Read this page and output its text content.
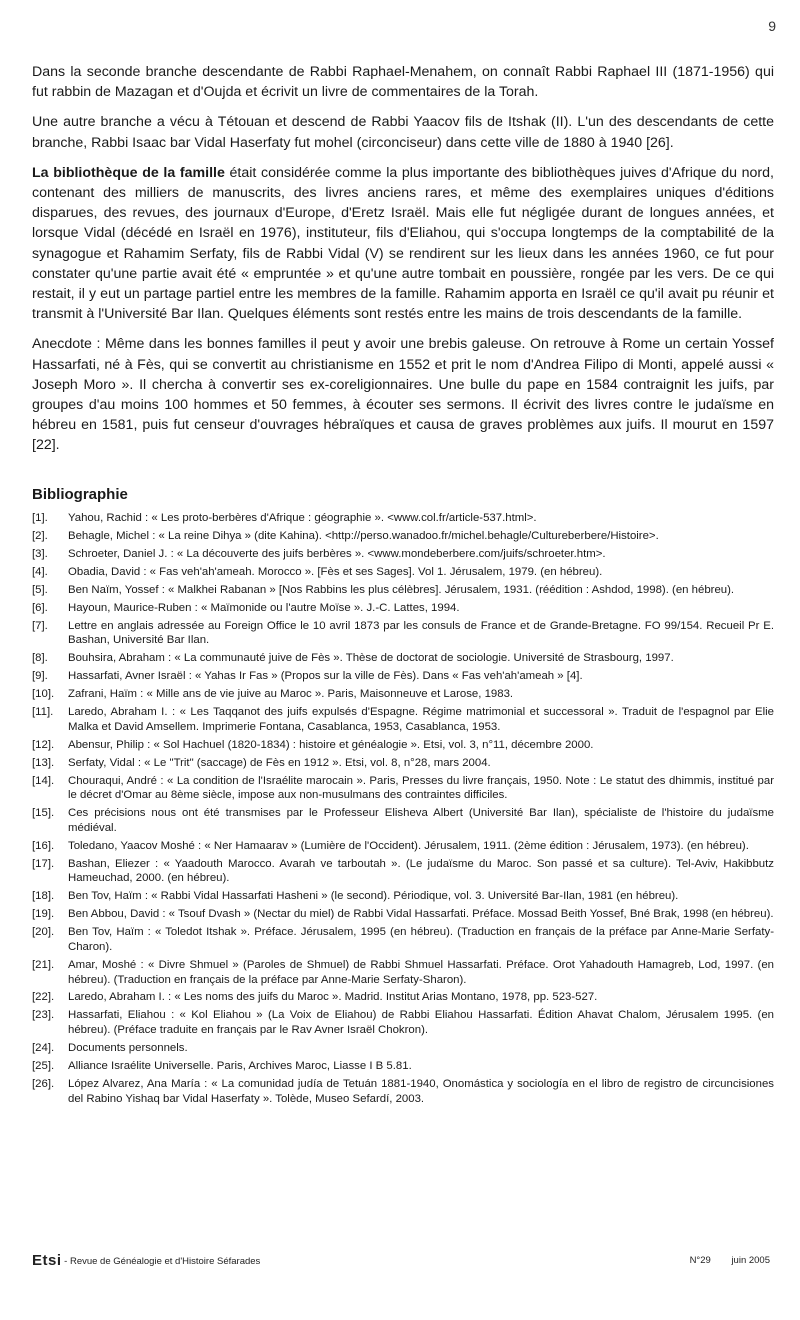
9

Dans la seconde branche descendante de Rabbi Raphael-Menahem, on connaît Rabbi Raphael III (1871-1956) qui fut rabbin de Mazagan et d'Oujda et écrivit un livre de commentaires de la Torah.

Une autre branche a vécu à Tétouan et descend de Rabbi Yaacov fils de Itshak (II). L'un des descendants de cette branche, Rabbi Isaac bar Vidal Haserfaty fut mohel (circonciseur) dans cette ville de 1880 à 1940 [26].

La bibliothèque de la famille était considérée comme la plus importante des bibliothèques juives d'Afrique du nord, contenant des milliers de manuscrits, des livres anciens rares, et même des exemplaires uniques d'éditions disparues, des revues, des journaux d'Europe, d'Eretz Israël. Mais elle fut négligée durant de longues années, et lorsque Vidal (décédé en Israël en 1976), instituteur, fils d'Eliahou, qui s'occupa longtemps de la comptabilité de la synagogue et Rahamim Serfaty, fils de Rabbi Vidal (V) se rendirent sur les lieux dans les années 1960, ce fut pour constater qu'une partie avait été « empruntée » et qu'une autre tombait en poussière, rongée par les vers. De ce qui restait, il y eut un partage partiel entre les membres de la famille. Rahamim apporta en Israël ce qu'il avait pu réunir et transmit à l'Université Bar Ilan. Quelques éléments sont restés entre les mains de trois descendants de la famille.

Anecdote : Même dans les bonnes familles il peut y avoir une brebis galeuse. On retrouve à Rome un certain Yossef Hassarfati, né à Fès, qui se convertit au christianisme en 1552 et prit le nom d'Andrea Filipo di Monti, appelé aussi « Joseph Moro ». Il chercha à convertir ses ex-coreligionnaires. Une bulle du pape en 1584 contraignit les juifs, par groupes d'au moins 100 hommes et 50 femmes, à écouter ses sermons. Il écrivit des livres contre le judaïsme en hébreu en 1581, puis fut censeur d'ouvrages hébraïques et causa de graves problèmes aux juifs. Il mourut en 1597 [22].

Bibliographie
[1]. Yahou, Rachid : « Les proto-berbères d'Afrique : géographie ». <www.col.fr/article-537.html>.
[2]. Behagle, Michel : « La reine Dihya » (dite Kahina). <http://perso.wanadoo.fr/michel.behagle/Cultureberbere/Histoire>.
[3]. Schroeter, Daniel J. : « La découverte des juifs berbères ». <www.mondeberbere.com/juifs/schroeter.htm>.
[4]. Obadia, David : « Fas veh'ah'ameah. Morocco ». [Fès et ses Sages]. Vol 1. Jérusalem, 1979. (en hébreu).
[5]. Ben Naïm, Yossef : « Malkhei Rabanan » [Nos Rabbins les plus célèbres]. Jérusalem, 1931. (réédition : Ashdod, 1998). (en hébreu).
[6]. Hayoun, Maurice-Ruben : « Maïmonide ou l'autre Moïse ». J.-C. Lattes, 1994.
[7]. Lettre en anglais adressée au Foreign Office le 10 avril 1873 par les consuls de France et de Grande-Bretagne. FO 99/154. Recueil Pr E. Bashan, Université Bar Ilan.
[8]. Bouhsira, Abraham : « La communauté juive de Fès ». Thèse de doctorat de sociologie. Université de Strasbourg, 1997.
[9]. Hassarfati, Avner Israël : « Yahas Ir Fas » (Propos sur la ville de Fès). Dans « Fas veh'ah'ameah » [4].
[10]. Zafrani, Haïm : « Mille ans de vie juive au Maroc ». Paris, Maisonneuve et Larose, 1983.
[11]. Laredo, Abraham I. : « Les Taqqanot des juifs expulsés d'Espagne. Régime matrimonial et successoral ». Traduit de l'espagnol par Elie Malka et David Amsellem. Imprimerie Fontana, Casablanca, 1953, Casablanca, 1953.
[12]. Abensur, Philip : « Sol Hachuel (1820-1834) : histoire et généalogie ». Etsi, vol. 3, n°11, décembre 2000.
[13]. Serfaty, Vidal : « Le "Trit" (saccage) de Fès en 1912 ». Etsi, vol. 8, n°28, mars 2004.
[14]. Chouraqui, André : « La condition de l'Israélite marocain ». Paris, Presses du livre français, 1950. Note : Le statut des dhimmis, institué par le décret d'Omar au 8ème siècle, impose aux non-musulmans des contraintes difficiles.
[15]. Ces précisions nous ont été transmises par le Professeur Elisheva Albert (Université Bar Ilan), spécialiste de l'histoire du judaïsme médiéval.
[16]. Toledano, Yaacov Moshé : « Ner Hamaarav » (Lumière de l'Occident). Jérusalem, 1911. (2ème édition : Jérusalem, 1973). (en hébreu).
[17]. Bashan, Eliezer : « Yaadouth Marocco. Avarah ve tarboutah ». (Le judaïsme du Maroc. Son passé et sa culture). Tel-Aviv, Hakibbutz Hameuchad, 2000. (en hébreu).
[18]. Ben Tov, Haïm : « Rabbi Vidal Hassarfati Hasheni » (le second). Périodique, vol. 3. Université Bar-Ilan, 1981 (en hébreu).
[19]. Ben Abbou, David : « Tsouf Dvash » (Nectar du miel) de Rabbi Vidal Hassarfati. Préface. Mossad Beith Yossef, Bné Brak, 1998 (en hébreu).
[20]. Ben Tov, Haïm : « Toledot Itshak ». Préface. Jérusalem, 1995 (en hébreu). (Traduction en français de la préface par Anne-Marie Serfaty-Charon).
[21]. Amar, Moshé : « Divre Shmuel » (Paroles de Shmuel) de Rabbi Shmuel Hassarfati. Préface. Orot Yahadouth Hamagreb, Lod, 1997. (en hébreu). (Traduction en français de la préface par Anne-Marie Serfaty-Sharon).
[22]. Laredo, Abraham I. : « Les noms des juifs du Maroc ». Madrid. Institut Arias Montano, 1978, pp. 523-527.
[23]. Hassarfati, Eliahou : « Kol Eliahou » (La Voix de Eliahou) de Rabbi Eliahou Hassarfati. Édition Ahavat Chalom, Jérusalem 1995. (en hébreu). (Préface traduite en français par le Rav Avner Israël Chokron).
[24]. Documents personnels.
[25]. Alliance Israélite Universelle. Paris, Archives Maroc, Liasse I B 5.81.
[26]. López Alvarez, Ana María : « La comunidad judía de Tetuán 1881-1940, Onomástica y sociología en el libro de registro de circuncisiones del Rabino Yishaq bar Vidal Haserfaty ». Tolède, Museo Sefardí, 2003.
Etsi - Revue de Généalogie et d'Histoire Séfarades	N°29 juin 2005
